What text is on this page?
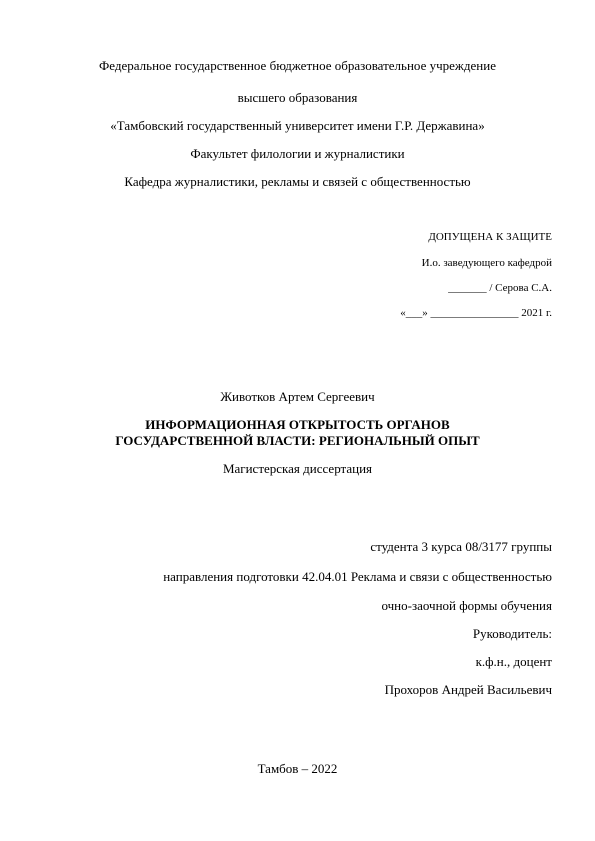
Федеральное государственное бюджетное образовательное учреждение
высшего образования
«Тамбовский государственный университет имени Г.Р. Державина»
Факультет филологии и журналистики
Кафедра журналистики, рекламы и связей с общественностью
ДОПУЩЕНА К ЗАЩИТЕ
И.о. заведующего кафедрой
_______ / Серова С.А.
«___» ________________ 2021 г.
Животков Артем Сергеевич
ИНФОРМАЦИОННАЯ ОТКРЫТОСТЬ ОРГАНОВ
ГОСУДАРСТВЕННОЙ ВЛАСТИ: РЕГИОНАЛЬНЫЙ ОПЫТ
Магистерская диссертация
студента 3 курса 08/3177 группы
направления подготовки 42.04.01 Реклама и связи с общественностью
очно-заочной формы обучения
Руководитель:
к.ф.н., доцент
Прохоров Андрей Васильевич
Тамбов – 2022
